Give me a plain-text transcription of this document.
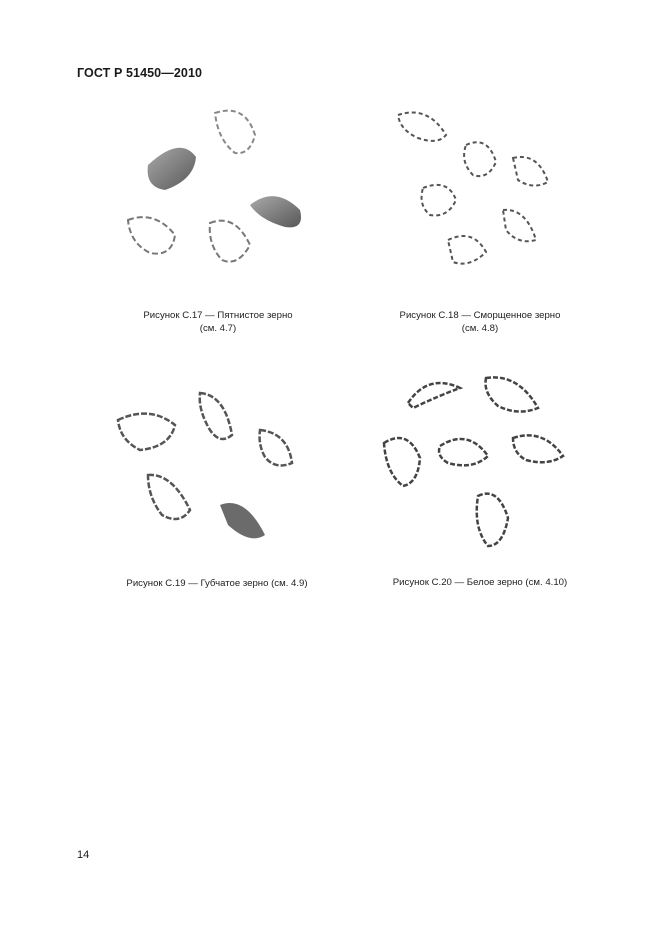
ГОСТ Р 51450—2010
Рисунок С.17 — Пятнистое зерно
(см. 4.7)
Рисунок С.18 — Сморщенное зерно
(см. 4.8)
Рисунок С.19 — Губчатое зерно (см. 4.9)	Рисунок С.20 — Белое зерно (см. 4.10)
14
